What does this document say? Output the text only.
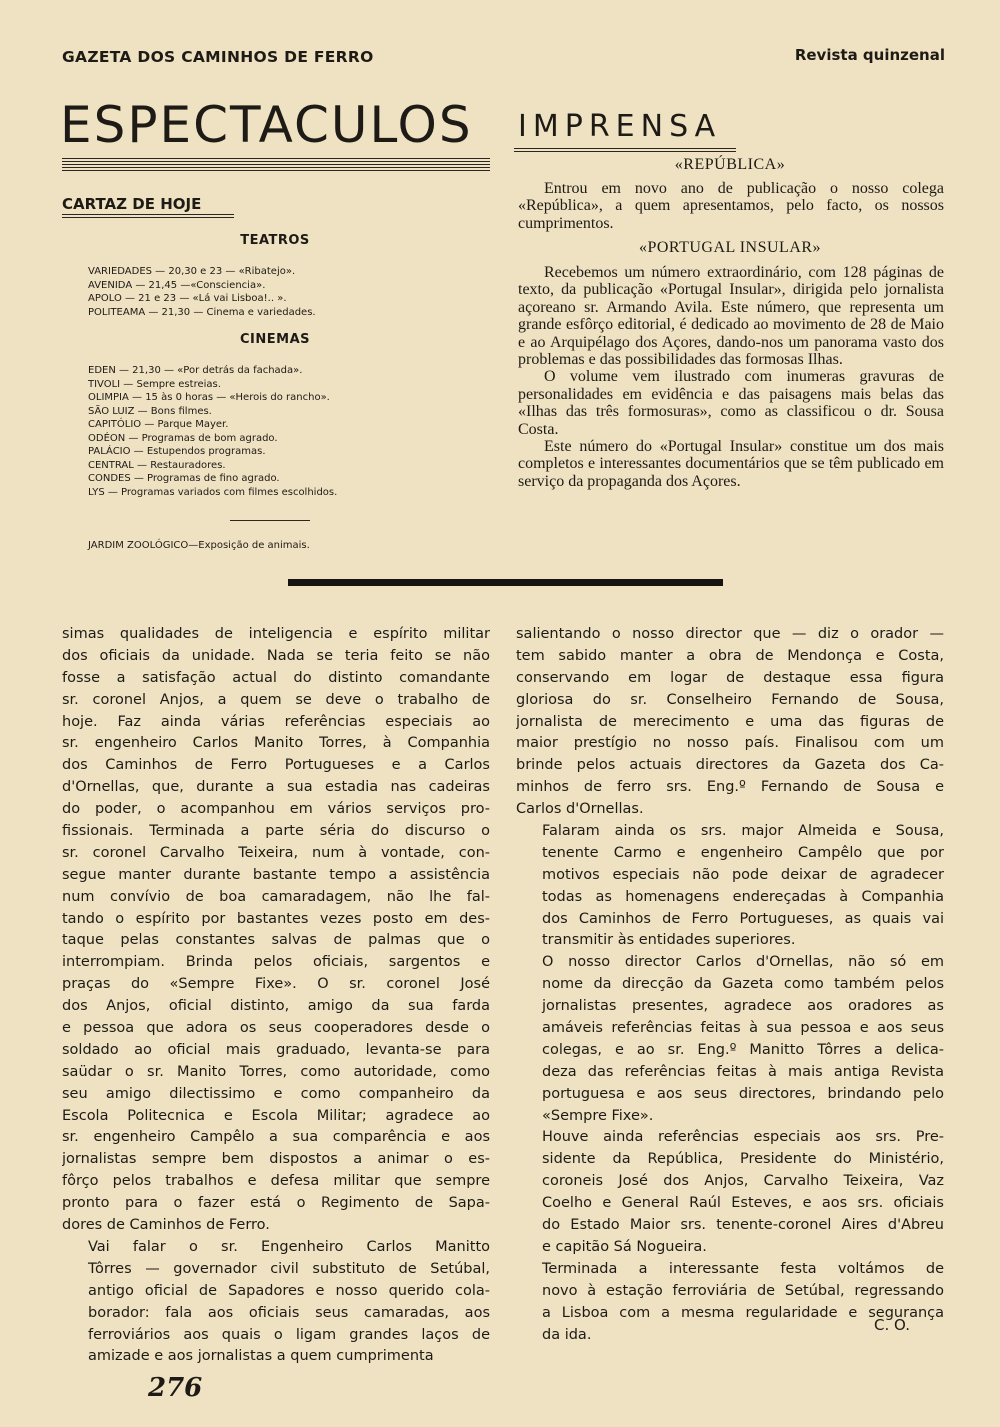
GAZETA DOS CAMINHOS DE FERRO	Revista quinzenal
ESPECTACULOS
CARTAZ DE HOJE
TEATROS
VARIEDADES — 20,30 e 23 — «Ribatejo».
AVENIDA — 21,45 —«Consciencia».
APOLO — 21 e 23 — «Lá vai Lisboa!.. ».
POLITEAMA — 21,30 — Cinema e variedades.
CINEMAS
EDEN — 21,30 — «Por detrás da fachada».
TIVOLI — Sempre estreias.
OLIMPIA — 15 às 0 horas — «Herois do rancho».
SÃO LUIZ — Bons filmes.
CAPITÓLIO — Parque Mayer.
ODÉON — Programas de bom agrado.
PALÁCIO — Estupendos programas.
CENTRAL — Restauradores.
CONDES — Programas de fino agrado.
LYS — Programas variados com filmes escolhidos.
JARDIM ZOOLÓGICO—Exposição de animais.
IMPRENSA
«REPÚBLICA»

Entrou em novo ano de publicação o nosso colega «República», a quem apresentamos, pelo facto, os nossos cumprimentos.

«PORTUGAL INSULAR»

Recebemos um número extraordinário, com 128 páginas de texto, da publicação «Portugal Insular», dirigida pelo jornalista açoreano sr. Armando Avila. Este número, que representa um grande esfôrço editorial, é dedicado ao movimento de 28 de Maio e ao Arquipélago dos Açores, dando-nos um panorama vasto dos problemas e das possibilidades das formosas Ilhas.

O volume vem ilustrado com inumeras gravuras de personalidades em evidência e das paisagens mais belas das «Ilhas das três formosuras», como as classificou o dr. Sousa Costa.

Este número do «Portugal Insular» constitue um dos mais completos e interessantes documentários que se têm publicado em serviço da propaganda dos Açores.

simas qualidades de inteligencia e espírito militar
dos oficiais da unidade. Nada se teria feito se não
fosse a satisfação actual do distinto comandante
sr. coronel Anjos, a quem se deve o trabalho de
hoje. Faz ainda várias referências especiais ao
sr. engenheiro Carlos Manito Torres, à Companhia
dos Caminhos de Ferro Portugueses e a Carlos
d'Ornellas, que, durante a sua estadia nas cadeiras
do poder, o acompanhou em vários serviços pro-
fissionais. Terminada a parte séria do discurso o
sr. coronel Carvalho Teixeira, num à vontade, con-
segue manter durante bastante tempo a assistência
num convívio de boa camaradagem, não lhe fal-
tando o espírito por bastantes vezes posto em des-
taque pelas constantes salvas de palmas que o
interrompiam. Brinda pelos oficiais, sargentos e
praças do «Sempre Fixe». O sr. coronel José
dos Anjos, oficial distinto, amigo da sua farda
e pessoa que adora os seus cooperadores desde o
soldado ao oficial mais graduado, levanta-se para
saüdar o sr. Manito Torres, como autoridade, como
seu amigo dilectissimo e como companheiro da
Escola Politecnica e Escola Militar; agradece ao
sr. engenheiro Campêlo a sua comparência e aos
jornalistas sempre bem dispostos a animar o es-
fôrço pelos trabalhos e defesa militar que sempre
pronto para o fazer está o Regimento de Sapa-
dores de Caminhos de Ferro.

Vai falar o sr. Engenheiro Carlos Manitto
Tôrres — governador civil substituto de Setúbal,
antigo oficial de Sapadores e nosso querido cola-
borador: fala aos oficiais seus camaradas, aos
ferroviários aos quais o ligam grandes laços de
amizade e aos jornalistas a quem cumprimenta

salientando o nosso director que — diz o orador —
tem sabido manter a obra de Mendonça e Costa,
conservando em logar de destaque essa figura
gloriosa do sr. Conselheiro Fernando de Sousa,
jornalista de merecimento e uma das figuras de
maior prestígio no nosso país. Finalisou com um
brinde pelos actuais directores da Gazeta dos Ca-
minhos de ferro srs. Eng.º Fernando de Sousa e
Carlos d'Ornellas.

Falaram ainda os srs. major Almeida e Sousa,
tenente Carmo e engenheiro Campêlo que por
motivos especiais não pode deixar de agradecer
todas as homenagens endereçadas à Companhia
dos Caminhos de Ferro Portugueses, as quais vai
transmitir às entidades superiores.

O nosso director Carlos d'Ornellas, não só em
nome da direcção da Gazeta como também pelos
jornalistas presentes, agradece aos oradores as
amáveis referências feitas à sua pessoa e aos seus
colegas, e ao sr. Eng.º Manitto Tôrres a delica-
deza das referências feitas à mais antiga Revista
portuguesa e aos seus directores, brindando pelo
«Sempre Fixe».

Houve ainda referências especiais aos srs. Pre-
sidente da República, Presidente do Ministério,
coroneis José dos Anjos, Carvalho Teixeira, Vaz
Coelho e General Raúl Esteves, e aos srs. oficiais
do Estado Maior srs. tenente-coronel Aires d'Abreu
e capitão Sá Nogueira.

Terminada a interessante festa voltámos de
novo à estação ferroviária de Setúbal, regressando
a Lisboa com a mesma regularidade e segurança
da ida.

C. O.
276
